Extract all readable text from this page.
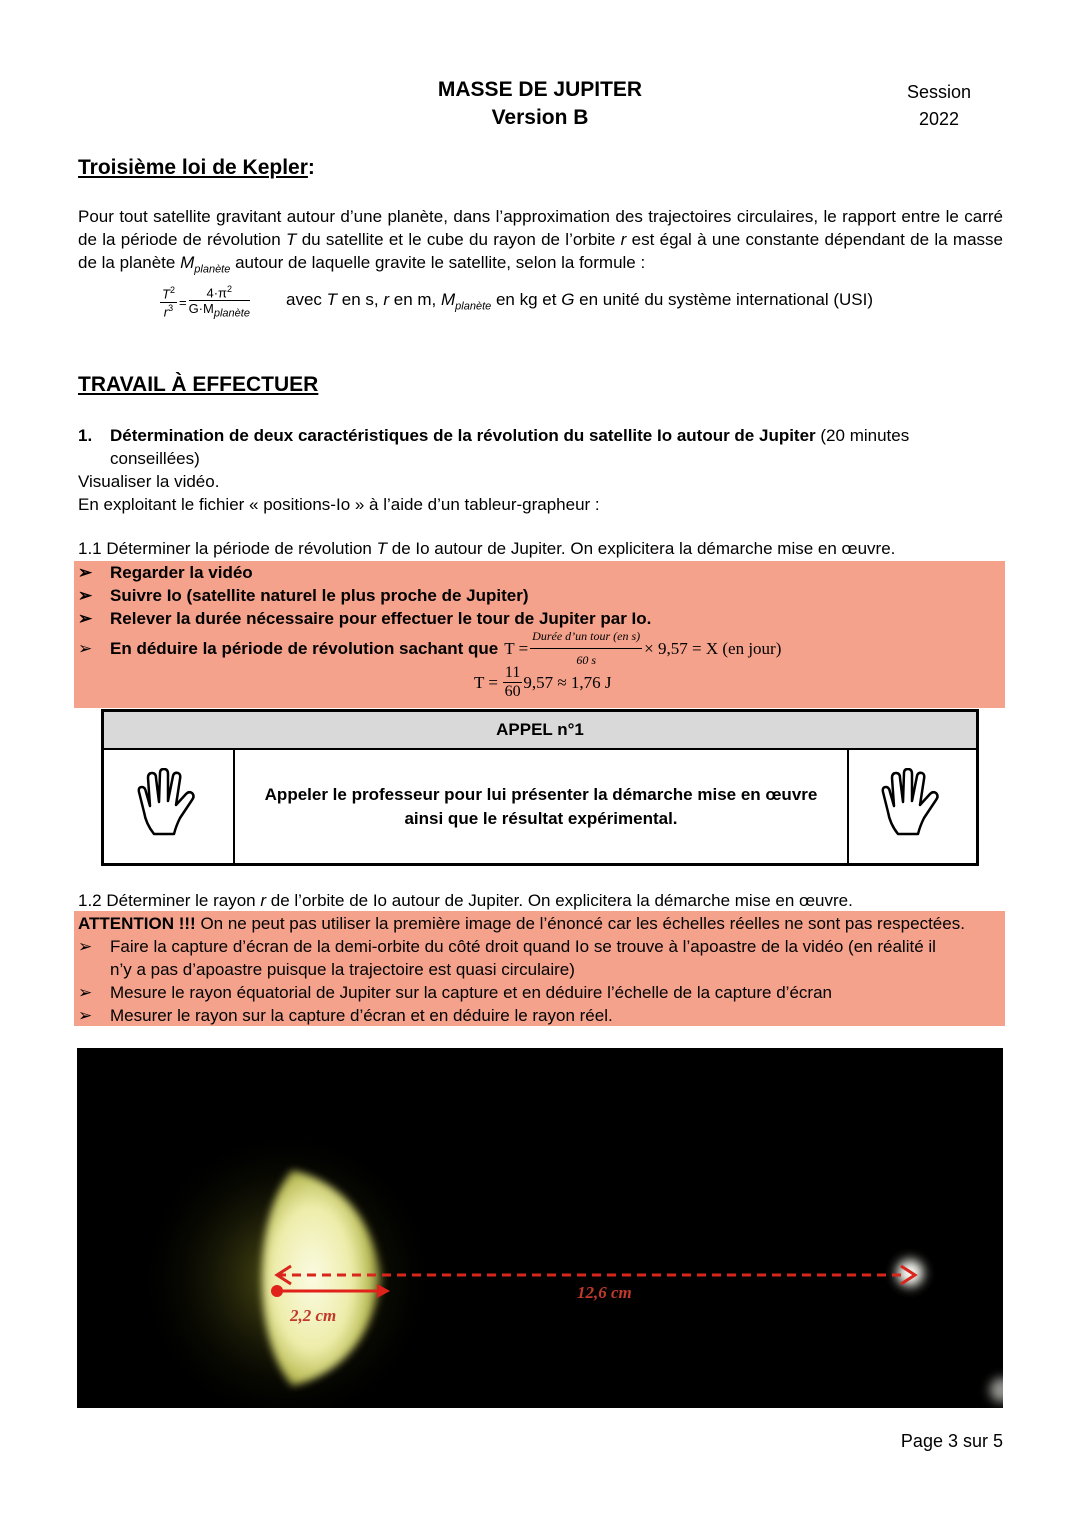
MASSE DE JUPITER
Version B
Session
2022
Troisième loi de Kepler:
Pour tout satellite gravitant autour d’une planète, dans l’approximation des trajectoires circulaires, le rapport entre le carré de la période de révolution T du satellite et le cube du rayon de l’orbite r est égal à une constante dépendant de la masse de la planète $M_{planète}$ autour de laquelle gravite le satellite, selon la formule :
$\frac{T^2}{r^3} = \frac{4\cdot\pi^2}{G\cdot M_{planète}}$ avec T en s, r en m, $M_{planète}$ en kg et G en unité du système international (USI)
TRAVAIL À EFFECTUER
1.	Détermination de deux caractéristiques de la révolution du satellite Io autour de Jupiter (20 minutes
conseillées)
Visualiser la vidéo.
En exploitant le fichier « positions-Io » à l’aide d’un tableur-grapheur :
1.1 Déterminer la période de révolution T de Io autour de Jupiter. On explicitera la démarche mise en œuvre.
➢ Regarder la vidéo
➢ Suivre Io (satellite naturel le plus proche de Jupiter)
➢ Relever la durée nécessaire pour effectuer le tour de Jupiter par Io.
➢	En déduire la période de révolution sachant que $T = \frac{\text{Durée d’un tour (en s)}}{60 s} \times 9,57 = X$ (en jour)
$T = \frac{11}{60} 9,57 \approx 1,76$ J
APPEL n°1

Appeler le professeur pour lui présenter la démarche mise en œuvre
ainsi que le résultat expérimental.

1.2 Déterminer le rayon r de l’orbite de Io autour de Jupiter. On explicitera la démarche mise en œuvre.
ATTENTION !!! On ne peut pas utiliser la première image de l’énoncé car les échelles réelles ne sont pas respectées.
➢ Faire la capture d’écran de la demi-orbite du côté droit quand Io se trouve à l’apoastre de la vidéo (en réalité il
n’y a pas d’apoastre puisque la trajectoire est quasi circulaire)
➢ Mesure le rayon équatorial de Jupiter sur la capture et en déduire l’échelle de la capture d’écran
➢ Mesurer le rayon sur la capture d’écran et en déduire le rayon réel.
2,2 cm
12,6 cm
Page 3 sur 5
